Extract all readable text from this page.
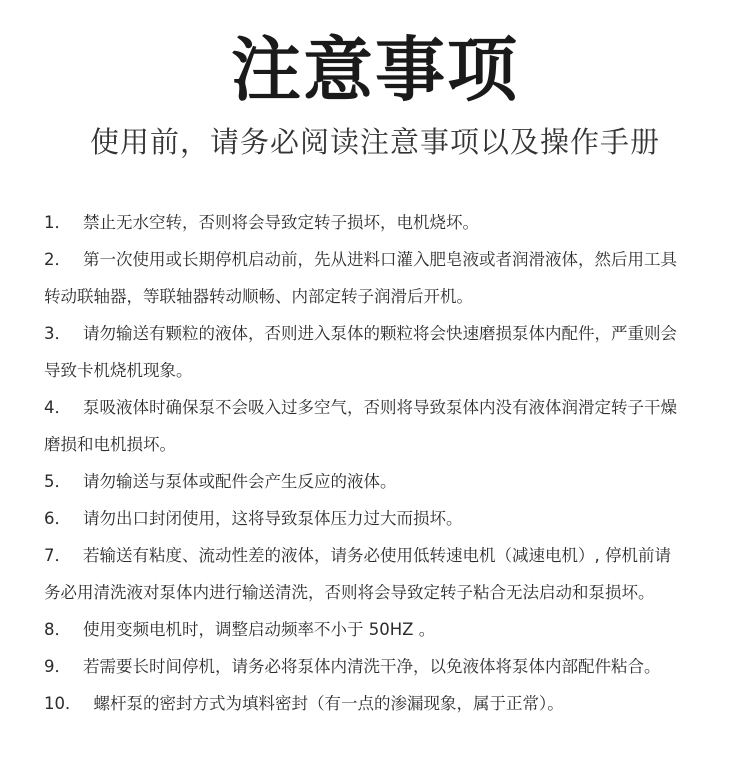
注意事项
使用前，请务必阅读注意事项以及操作手册
1． 禁止无水空转，否则将会导致定转子损坏，电机烧坏。
2． 第一次使用或长期停机启动前，先从进料口灌入肥皂液或者润滑液体，然后用工具转动联轴器，等联轴器转动顺畅、内部定转子润滑后开机。
3． 请勿输送有颗粒的液体，否则进入泵体的颗粒将会快速磨损泵体内配件，严重则会导致卡机烧机现象。
4． 泵吸液体时确保泵不会吸入过多空气，否则将导致泵体内没有液体润滑定转子干燥磨损和电机损坏。
5． 请勿输送与泵体或配件会产生反应的液体。
6． 请勿出口封闭使用，这将导致泵体压力过大而损坏。
7． 若输送有粘度、流动性差的液体，请务必使用低转速电机（减速电机）, 停机前请务必用清洗液对泵体内进行输送清洗，否则将会导致定转子粘合无法启动和泵损坏。
8． 使用变频电机时，调整启动频率不小于 50HZ 。
9． 若需要长时间停机，请务必将泵体内清洗干净，以免液体将泵体内部配件粘合。
10． 螺杆泵的密封方式为填料密封（有一点的渗漏现象，属于正常）。
